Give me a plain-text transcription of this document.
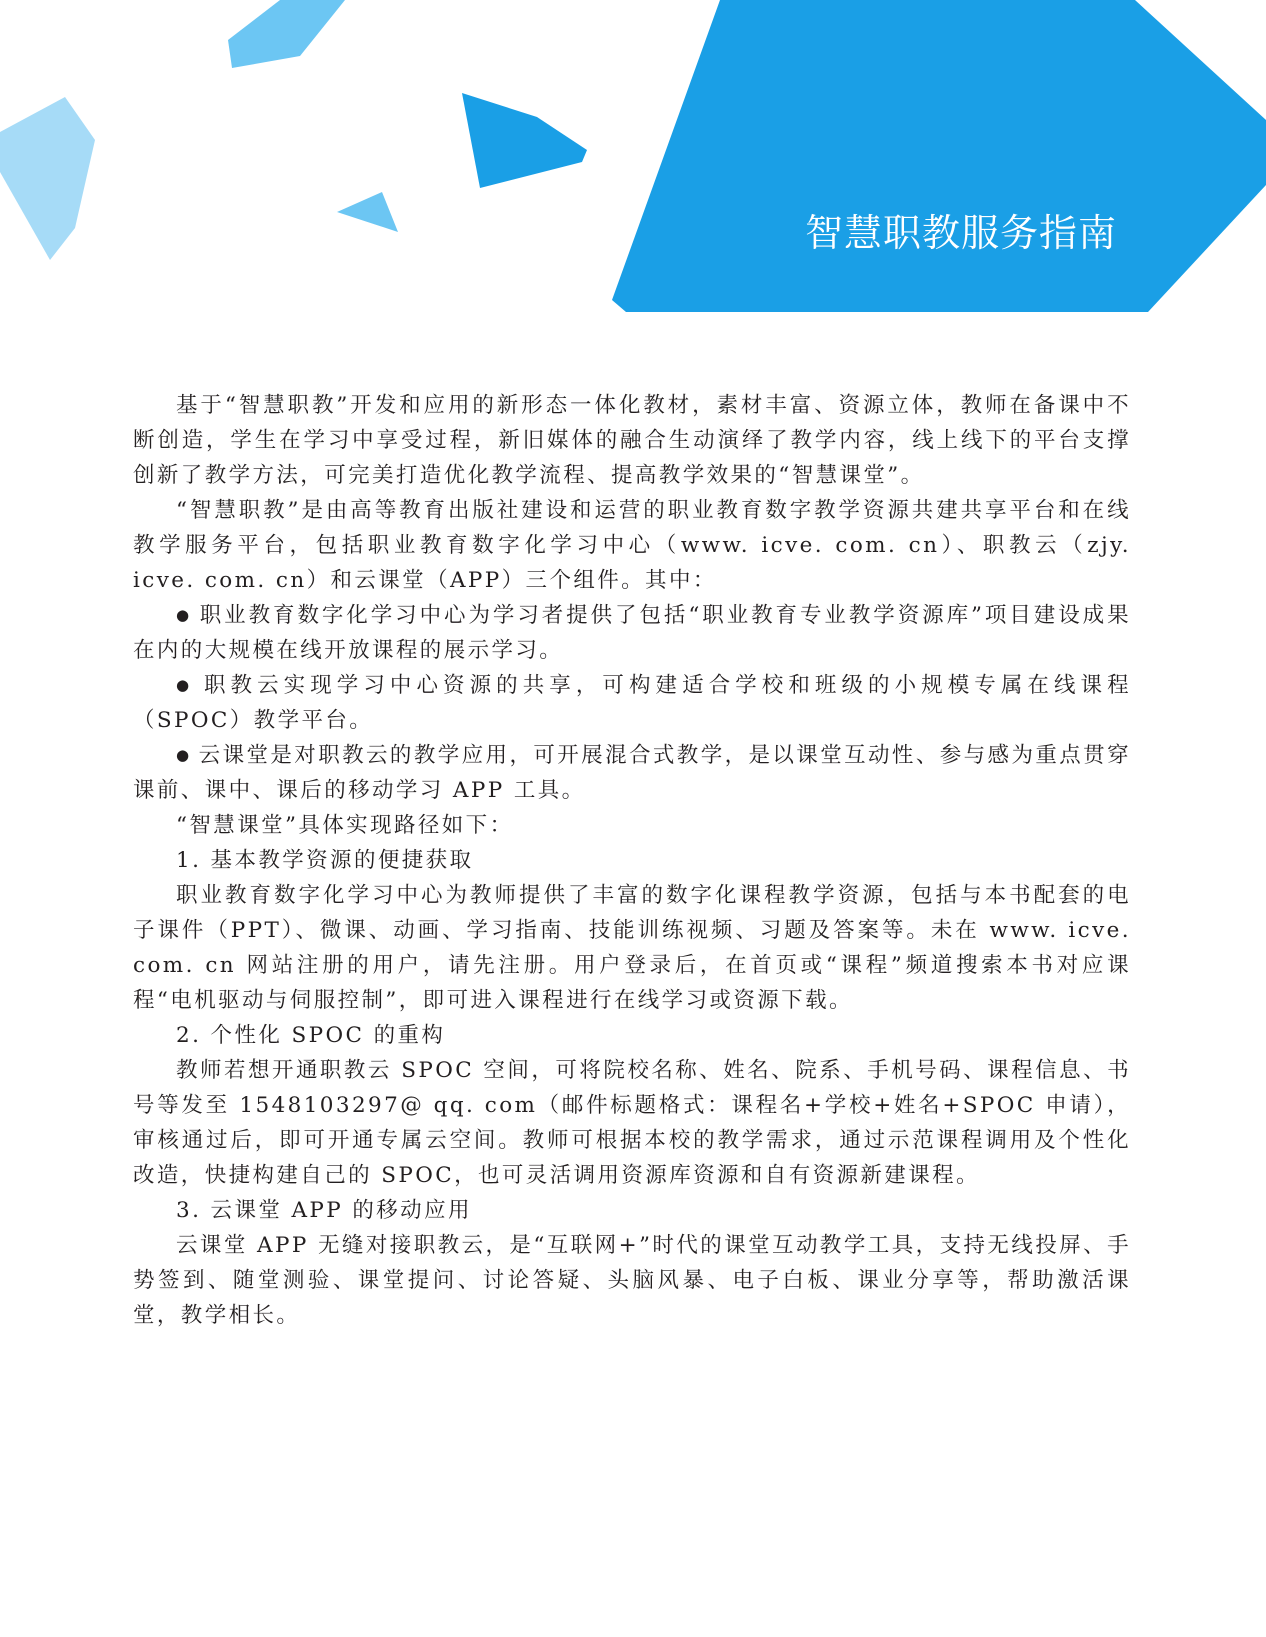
智慧职教服务指南

基于“智慧职教”开发和应用的新形态一体化教材，素材丰富、资源立体，教师在备课中不断创造，学生在学习中享受过程，新旧媒体的融合生动演绎了教学内容，线上线下的平台支撑创新了教学方法，可完美打造优化教学流程、提高教学效果的“智慧课堂”。

“智慧职教”是由高等教育出版社建设和运营的职业教育数字教学资源共建共享平台和在线教学服务平台，包括职业教育数字化学习中心（www. icve. com. cn）、职教云（zjy. icve. com. cn）和云课堂（APP）三个组件。其中：

● 职业教育数字化学习中心为学习者提供了包括“职业教育专业教学资源库”项目建设成果在内的大规模在线开放课程的展示学习。

● 职教云实现学习中心资源的共享，可构建适合学校和班级的小规模专属在线课程（SPOC）教学平台。

● 云课堂是对职教云的教学应用，可开展混合式教学，是以课堂互动性、参与感为重点贯穿课前、课中、课后的移动学习 APP 工具。

“智慧课堂”具体实现路径如下：

1. 基本教学资源的便捷获取

职业教育数字化学习中心为教师提供了丰富的数字化课程教学资源，包括与本书配套的电子课件（PPT）、微课、动画、学习指南、技能训练视频、习题及答案等。未在 www. icve. com. cn 网站注册的用户，请先注册。用户登录后，在首页或“课程”频道搜索本书对应课程“电机驱动与伺服控制”，即可进入课程进行在线学习或资源下载。

2. 个性化 SPOC 的重构

教师若想开通职教云 SPOC 空间，可将院校名称、姓名、院系、手机号码、课程信息、书号等发至 1548103297@ qq. com（邮件标题格式：课程名+学校+姓名+SPOC 申请），审核通过后，即可开通专属云空间。教师可根据本校的教学需求，通过示范课程调用及个性化改造，快捷构建自己的 SPOC，也可灵活调用资源库资源和自有资源新建课程。

3. 云课堂 APP 的移动应用

云课堂 APP 无缝对接职教云，是“互联网+”时代的课堂互动教学工具，支持无线投屏、手势签到、随堂测验、课堂提问、讨论答疑、头脑风暴、电子白板、课业分享等，帮助激活课堂，教学相长。
